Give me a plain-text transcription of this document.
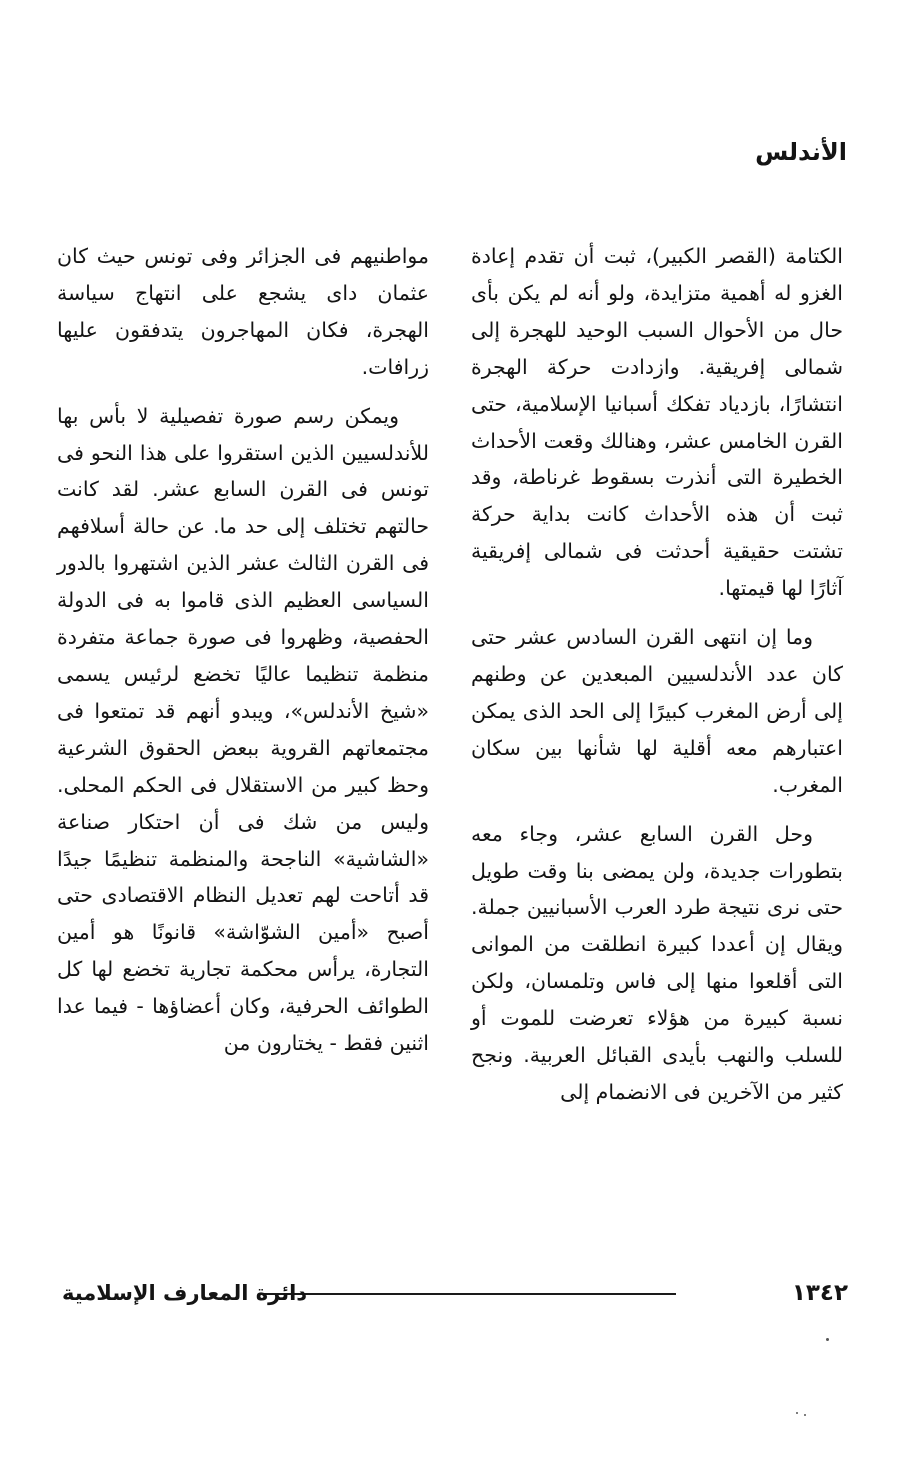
الأندلس

الكتامة (القصر الكبير)، ثبت أن تقدم إعادة الغزو له أهمية متزايدة، ولو أنه لم يكن بأى حال من الأحوال السبب الوحيد للهجرة إلى شمالى إفريقية. وازدادت حركة الهجرة انتشارًا، بازدياد تفكك أسبانيا الإسلامية، حتى القرن الخامس عشر، وهنالك وقعت الأحداث الخطيرة التى أنذرت بسقوط غرناطة، وقد ثبت أن هذه الأحداث كانت بداية حركة تشتت حقيقية أحدثت فى شمالى إفريقية آثارًا لها قيمتها.

وما إن انتهى القرن السادس عشر حتى كان عدد الأندلسيين المبعدين عن وطنهم إلى أرض المغرب كبيرًا إلى الحد الذى يمكن اعتبارهم معه أقلية لها شأنها بين سكان المغرب.

وحل القرن السابع عشر، وجاء معه بتطورات جديدة، ولن يمضى بنا وقت طويل حتى نرى نتيجة طرد العرب الأسبانيين جملة. ويقال إن أعددا كبيرة انطلقت من الموانى التى أقلعوا منها إلى فاس وتلمسان، ولكن نسبة كبيرة من هؤلاء تعرضت للموت أو للسلب والنهب بأيدى القبائل العربية. ونجح كثير من الآخرين فى الانضمام إلى

مواطنيهم فى الجزائر وفى تونس حيث كان عثمان داى يشجع على انتهاج سياسة الهجرة، فكان المهاجرون يتدفقون عليها زرافات.

ويمكن رسم صورة تفصيلية لا بأس بها للأندلسيين الذين استقروا على هذا النحو فى تونس فى القرن السابع عشر. لقد كانت حالتهم تختلف إلى حد ما. عن حالة أسلافهم فى القرن الثالث عشر الذين اشتهروا بالدور السياسى العظيم الذى قاموا به فى الدولة الحفصية، وظهروا فى صورة جماعة متفردة منظمة تنظيما عاليًا تخضع لرئيس يسمى «شيخ الأندلس»، ويبدو أنهم قد تمتعوا فى مجتمعاتهم القروية ببعض الحقوق الشرعية وحظ كبير من الاستقلال فى الحكم المحلى. وليس من شك فى أن احتكار صناعة «الشاشية» الناجحة والمنظمة تنظيمًا جيدًا قد أتاحت لهم تعديل النظام الاقتصادى حتى أصبح «أمين الشوّاشة» قانونًا هو أمين التجارة، يرأس محكمة تجارية تخضع لها كل الطوائف الحرفية، وكان أعضاؤها - فيما عدا اثنين فقط - يختارون من

١٣٤٢
دائرة المعارف الإسلامية
